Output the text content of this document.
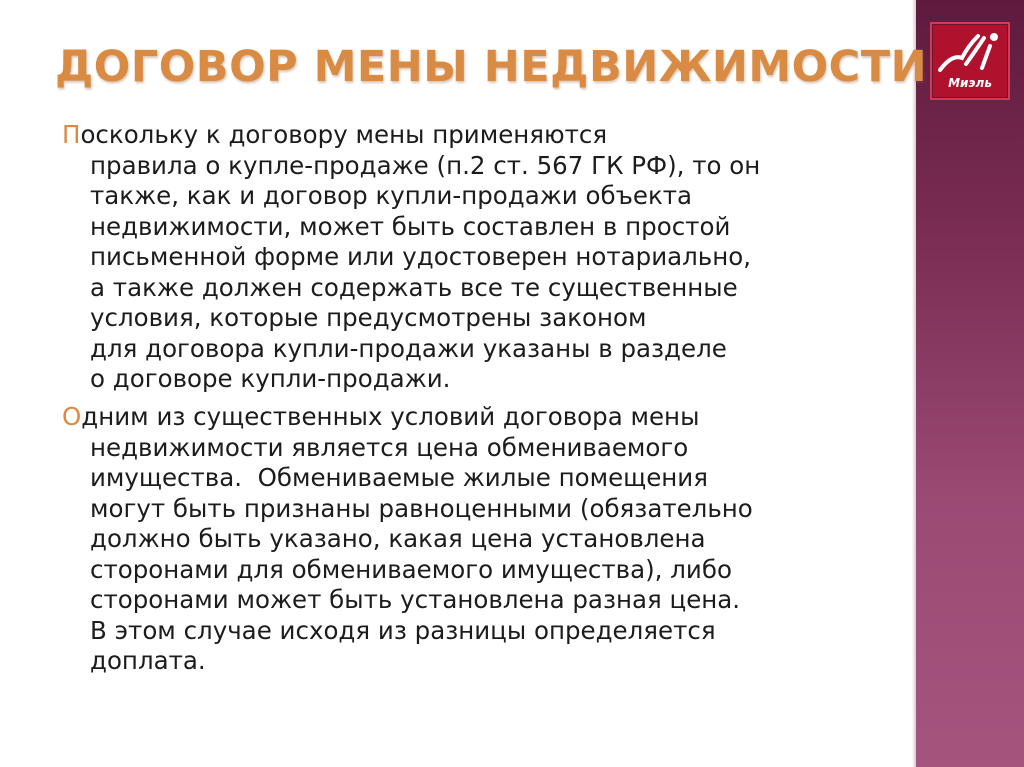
Миэль
ДОГОВОР МЕНЫ НЕДВИЖИМОСТИ
Поскольку к договору мены применяются
правила о купле-продаже (п.2 ст. 567 ГК РФ), то он
также, как и договор купли-продажи объекта
недвижимости, может быть составлен в простой
письменной форме или удостоверен нотариально,
а также должен содержать все те существенные
условия, которые предусмотрены законом
для договора купли-продажи указаны в разделе
о договоре купли-продажи.
Одним из существенных условий договора мены
недвижимости является цена обмениваемого
имущества.  Обмениваемые жилые помещения
могут быть признаны равноценными (обязательно
должно быть указано, какая цена установлена
сторонами для обмениваемого имущества), либо
сторонами может быть установлена разная цена.
В этом случае исходя из разницы определяется
доплата.
